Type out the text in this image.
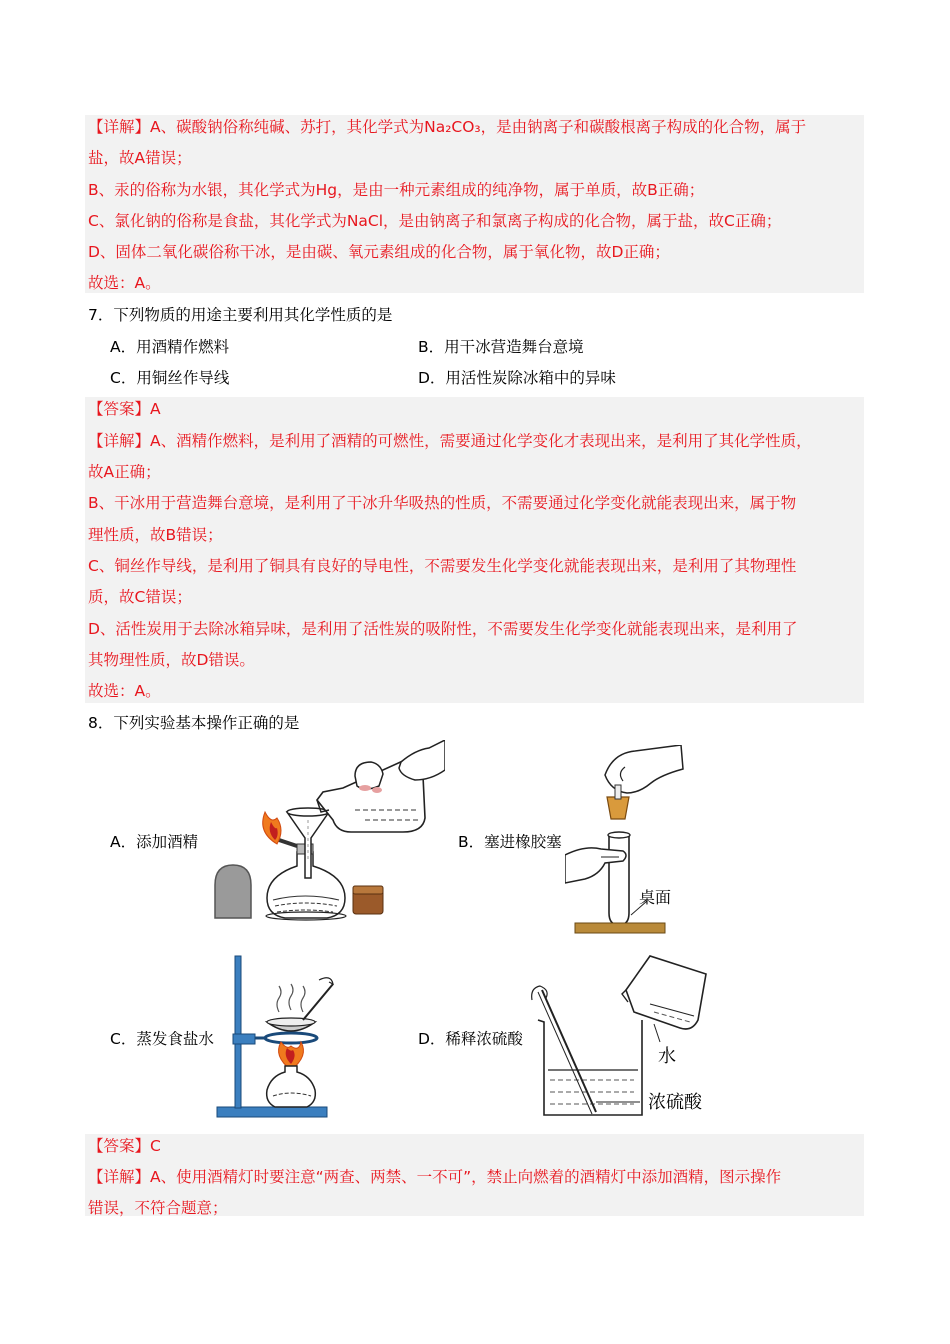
【详解】A、碳酸钠俗称纯碱、苏打，其化学式为Na₂CO₃，是由钠离子和碳酸根离子构成的化合物，属于
盐，故A错误；
B、汞的俗称为水银，其化学式为Hg，是由一种元素组成的纯净物，属于单质，故B正确；
C、氯化钠的俗称是食盐，其化学式为NaCl，是由钠离子和氯离子构成的化合物，属于盐，故C正确；
D、固体二氧化碳俗称干冰，是由碳、氧元素组成的化合物，属于氧化物，故D正确；
故选：A。
7．下列物质的用途主要利用其化学性质的是
A．用酒精作燃料	B．用干冰营造舞台意境
C．用铜丝作导线	D．用活性炭除冰箱中的异味
【答案】A
【详解】A、酒精作燃料，是利用了酒精的可燃性，需要通过化学变化才表现出来，是利用了其化学性质，
故A正确；
B、干冰用于营造舞台意境，是利用了干冰升华吸热的性质，不需要通过化学变化就能表现出来，属于物
理性质，故B错误；
C、铜丝作导线，是利用了铜具有良好的导电性，不需要发生化学变化就能表现出来，是利用了其物理性
质，故C错误；
D、活性炭用于去除冰箱异味，是利用了活性炭的吸附性，不需要发生化学变化就能表现出来，是利用了
其物理性质，故D错误。
故选：A。
8．下列实验基本操作正确的是
A．添加酒精	B．塞进橡胶塞
C．蒸发食盐水	D．稀释浓硫酸
桌面
水
浓硫酸
【答案】C
【详解】A、使用酒精灯时要注意“两查、两禁、一不可”，禁止向燃着的酒精灯中添加酒精，图示操作
错误，不符合题意；
